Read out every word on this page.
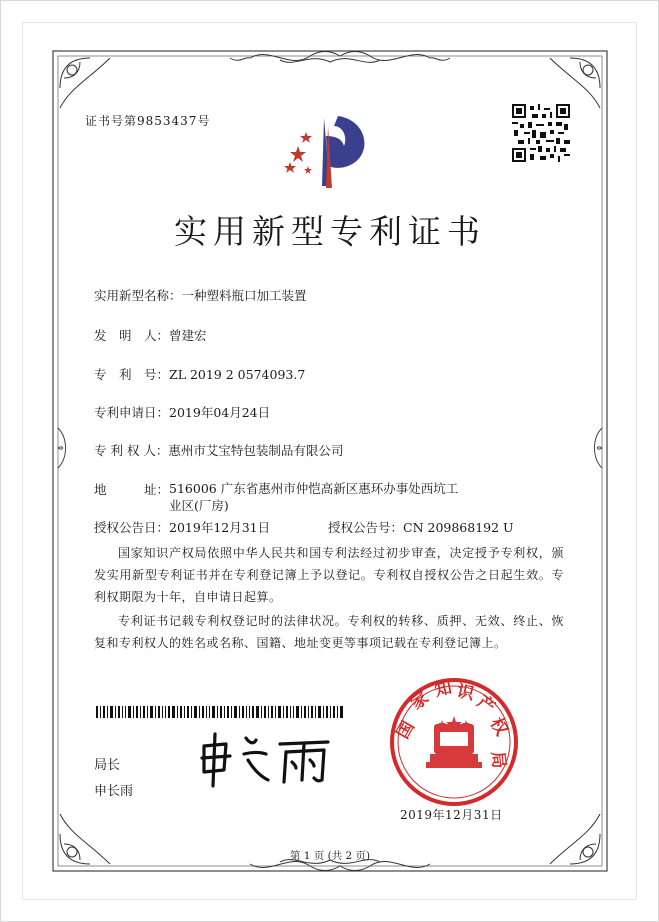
证书号第9853437号
实用新型专利证书
实用新型名称：一种塑料瓶口加工装置
发　明　人：曾建宏
专　利　号：ZL 2019 2 0574093.7
专利申请日：2019年04月24日
专 利 权 人：惠州市艾宝特包装制品有限公司
地　　　址：516006 广东省惠州市仲恺高新区惠环办事处西坑工业区(厂房)
授权公告日：2019年12月31日	授权公告号：CN 209868192 U
国家知识产权局依照中华人民共和国专利法经过初步审查，决定授予专利权，颁发实用新型专利证书并在专利登记簿上予以登记。专利权自授权公告之日起生效。专利权期限为十年，自申请日起算。
专利证书记载专利权登记时的法律状况。专利权的转移、质押、无效、终止、恢复和专利权人的姓名或名称、国籍、地址变更等事项记载在专利登记簿上。
局长
申长雨
国
家 知 识
产
权
局
2019年12月31日
第 1 页 (共 2 页)
